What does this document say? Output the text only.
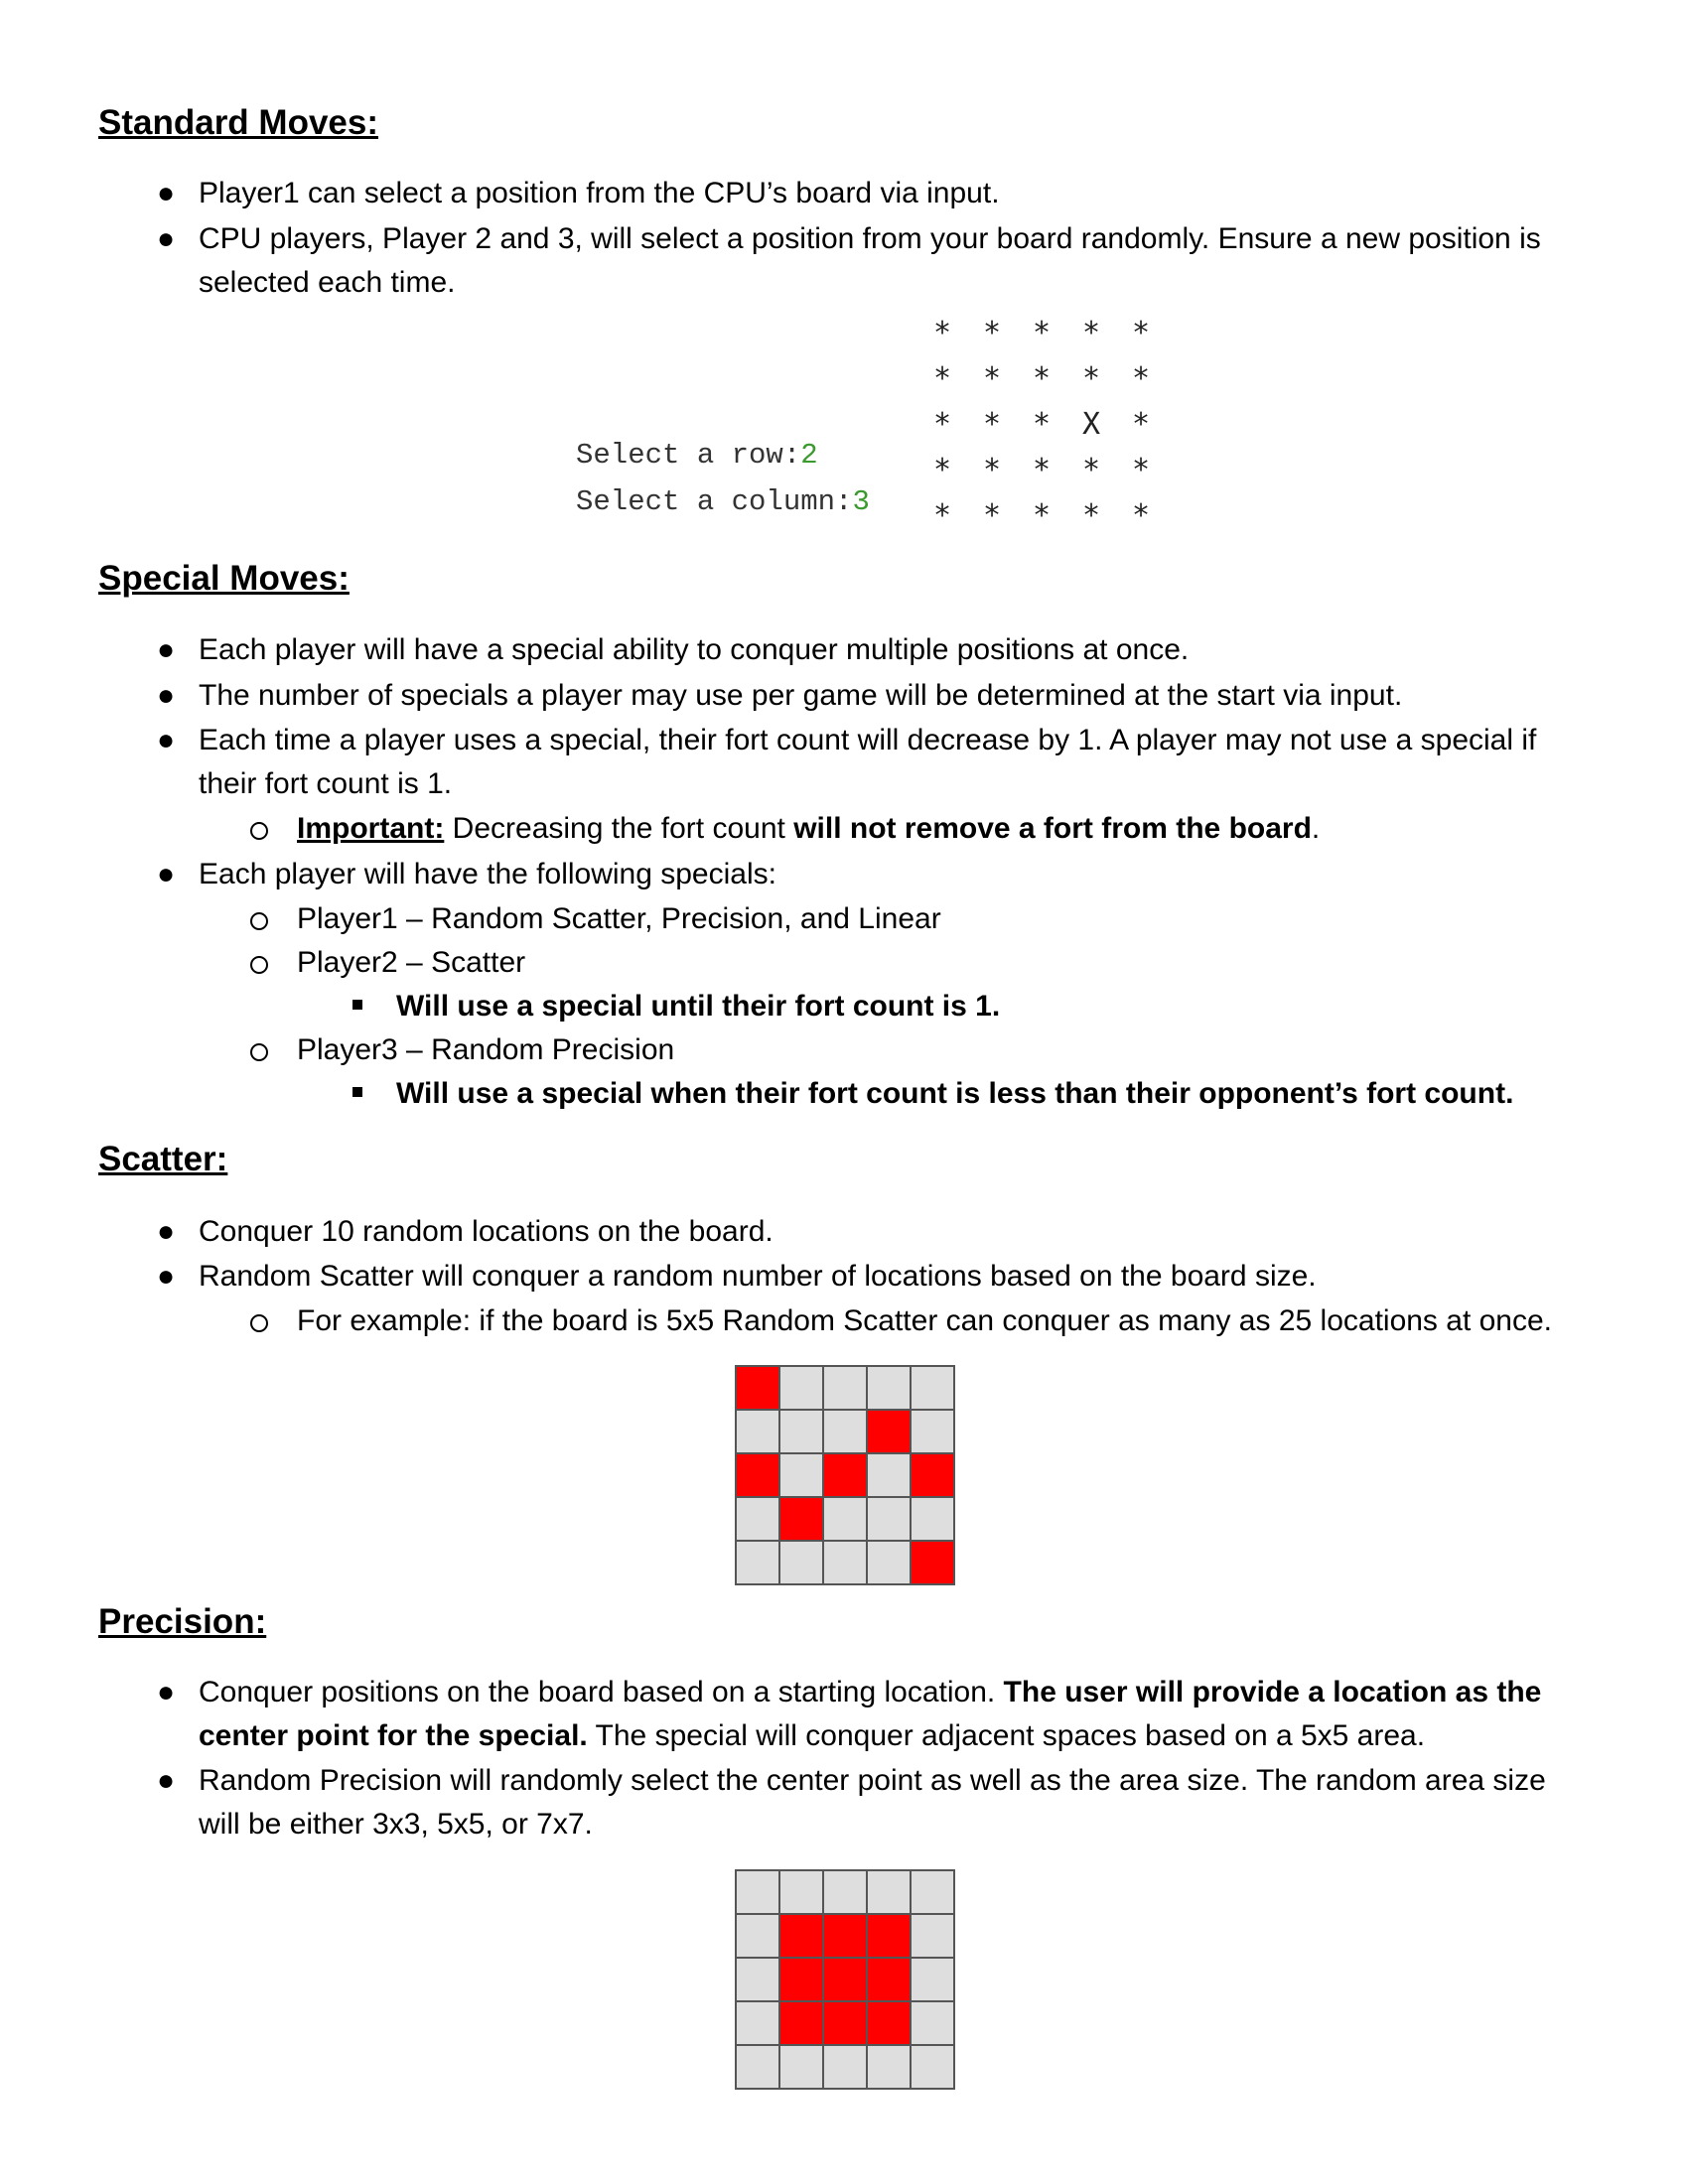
Standard Moves:
● Player1 can select a position from the CPU’s board via input.
● CPU players, Player 2 and 3, will select a position from your board randomly. Ensure a new position is
selected each time.
Select a row:2
Select a column:3
*	*	*	*	*
*	*	*	*	*
*	*	*	X	*
*	*	*	*	*
*	*	*	*	*
Special Moves:
● Each player will have a special ability to conquer multiple positions at once.
● The number of specials a player may use per game will be determined at the start via input.
● Each time a player uses a special, their fort count will decrease by 1. A player may not use a special if
their fort count is 1.
Important: Decreasing the fort count will not remove a fort from the board.
● Each player will have the following specials:
Player1 – Random Scatter, Precision, and Linear
Player2 – Scatter
Will use a special until their fort count is 1.
Player3 – Random Precision
Will use a special when their fort count is less than their opponent’s fort count.
Scatter:
● Conquer 10 random locations on the board.
● Random Scatter will conquer a random number of locations based on the board size.
For example: if the board is 5x5 Random Scatter can conquer as many as 25 locations at once.
Precision:
● Conquer positions on the board based on a starting location. The user will provide a location as the
center point for the special. The special will conquer adjacent spaces based on a 5x5 area.
● Random Precision will randomly select the center point as well as the area size. The random area size
will be either 3x3, 5x5, or 7x7.
